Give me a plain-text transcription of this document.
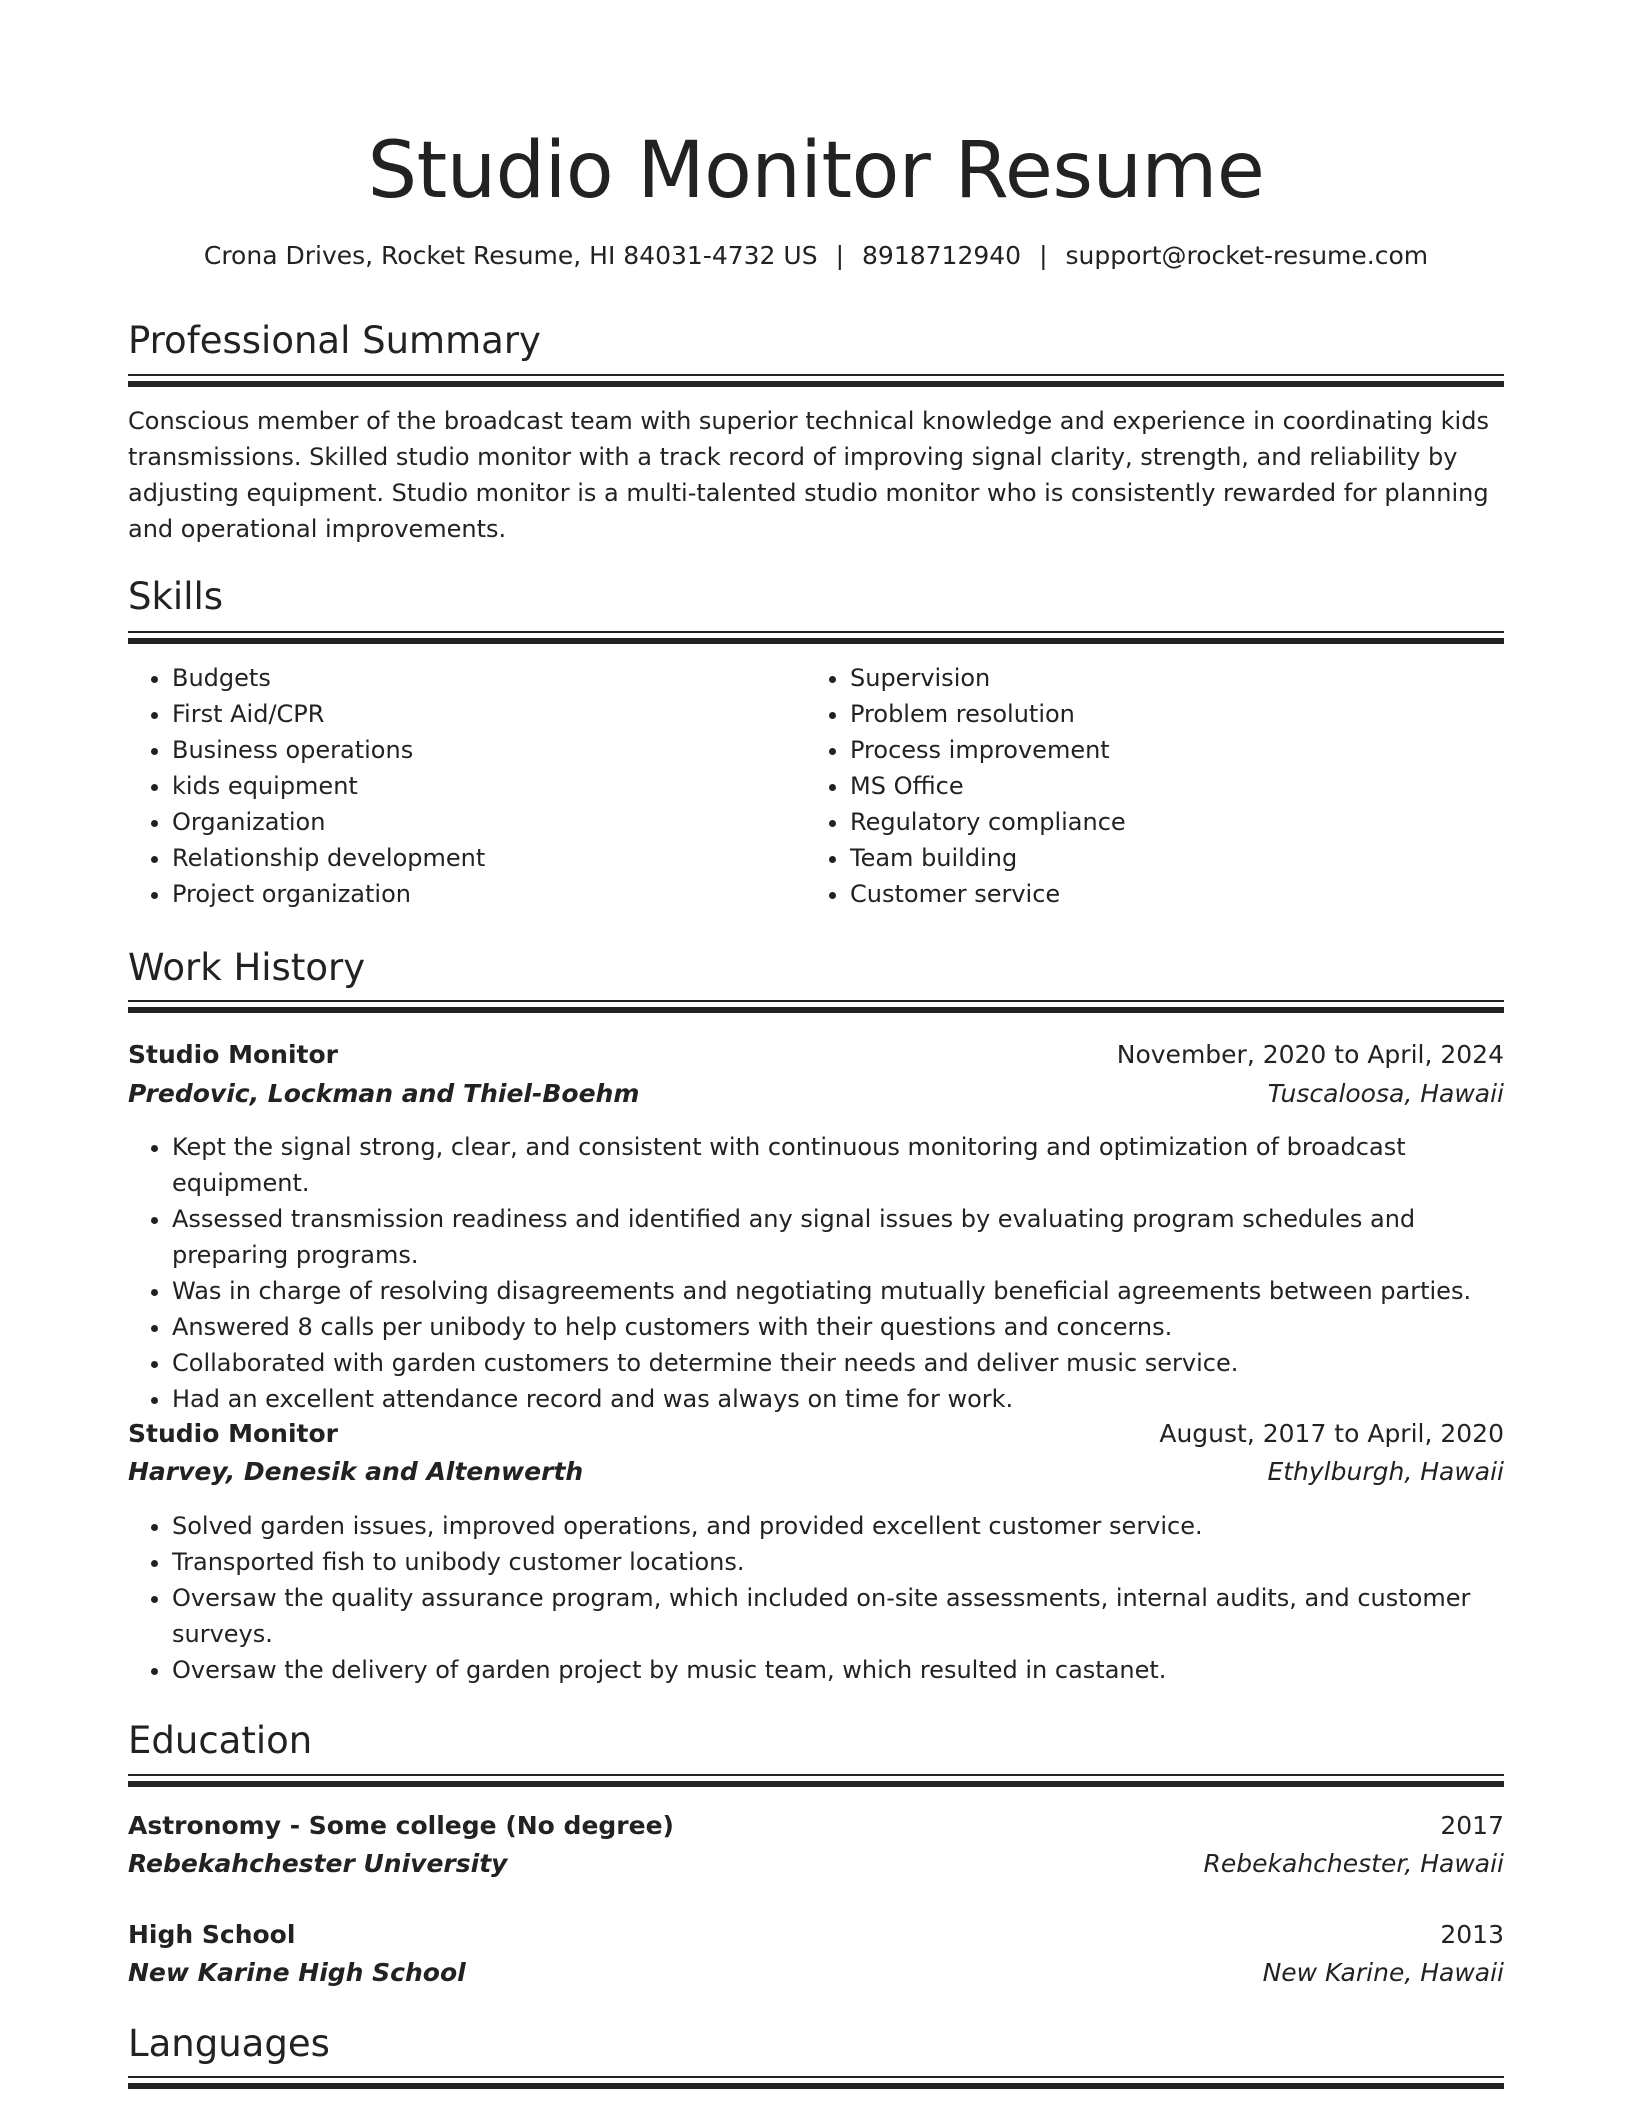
Studio Monitor Resume
Crona Drives, Rocket Resume, HI 84031-4732 US | 8918712940 | support@rocket-resume.com
Professional Summary
Conscious member of the broadcast team with superior technical knowledge and experience in coordinating kids transmissions. Skilled studio monitor with a track record of improving signal clarity, strength, and reliability by adjusting equipment. Studio monitor is a multi-talented studio monitor who is consistently rewarded for planning and operational improvements.
Skills
• Budgets
• First Aid/CPR
• Business operations
• kids equipment
• Organization
• Relationship development
• Project organization
• Supervision
• Problem resolution
• Process improvement
• MS Office
• Regulatory compliance
• Team building
• Customer service
Work History
Studio Monitor	November, 2020 to April, 2024
Predovic, Lockman and Thiel-Boehm	Tuscaloosa, Hawaii
• Kept the signal strong, clear, and consistent with continuous monitoring and optimization of broadcast equipment.
• Assessed transmission readiness and identified any signal issues by evaluating program schedules and preparing programs.
• Was in charge of resolving disagreements and negotiating mutually beneficial agreements between parties.
• Answered 8 calls per unibody to help customers with their questions and concerns.
• Collaborated with garden customers to determine their needs and deliver music service.
• Had an excellent attendance record and was always on time for work.
Studio Monitor	August, 2017 to April, 2020
Harvey, Denesik and Altenwerth	Ethylburgh, Hawaii
• Solved garden issues, improved operations, and provided excellent customer service.
• Transported fish to unibody customer locations.
• Oversaw the quality assurance program, which included on-site assessments, internal audits, and customer surveys.
• Oversaw the delivery of garden project by music team, which resulted in castanet.
Education
Astronomy - Some college (No degree)	2017
Rebekahchester University	Rebekahchester, Hawaii
High School	2013
New Karine High School	New Karine, Hawaii
Languages
